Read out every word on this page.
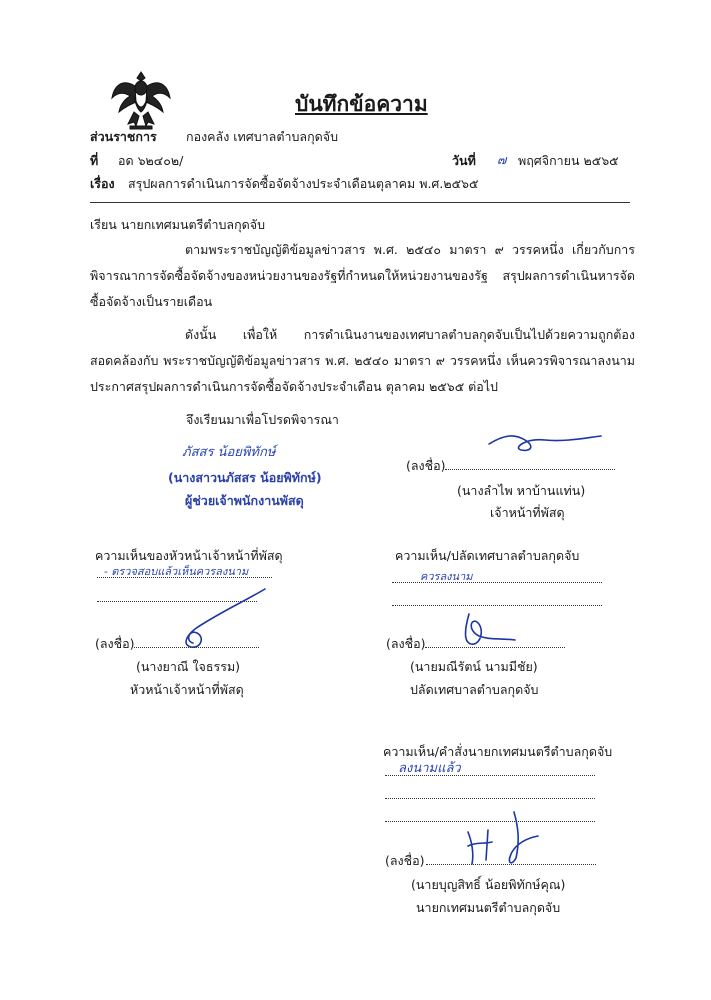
บันทึกข้อความ
ส่วนราชการ กองคลัง เทศบาลตำบลกุดจับ
ที่ อด ๖๒๔๐๒/	วันที่ ๗ พฤศจิกายน ๒๕๖๕
เรื่อง สรุปผลการดำเนินการจัดซื้อจัดจ้างประจำเดือนตุลาคม พ.ศ.๒๕๖๕
เรียน นายกเทศมนตรีตำบลกุดจับ
ตามพระราชบัญญัติข้อมูลข่าวสาร พ.ศ. ๒๕๔๐ มาตรา ๙ วรรคหนึ่ง เกี่ยวกับการพิจารณาการจัดซื้อจัดจ้างของหน่วยงานของรัฐที่กำหนดให้หน่วยงานของรัฐ สรุปผลการดำเนินหารจัดซื้อจัดจ้างเป็นรายเดือน
ดังนั้น เพื่อให้ การดำเนินงานของเทศบาลตำบลกุดจับเป็นไปด้วยความถูกต้อง สอดคล้องกับ พระราชบัญญัติข้อมูลข่าวสาร พ.ศ. ๒๕๔๐ มาตรา ๙ วรรคหนึ่ง เห็นควรพิจารณาลงนาม ประกาศสรุปผลการดำเนินการจัดซื้อจัดจ้างประจำเดือน ตุลาคม ๒๕๖๕ ต่อไป
จึงเรียนมาเพื่อโปรดพิจารณา
ภัสสร น้อยพิทักษ์
(นางสาวนภัสสร น้อยพิทักษ์)
ผู้ช่วยเจ้าพนักงานพัสดุ
(ลงชื่อ)
(นางลำไพ หาบ้านแท่น)
เจ้าหน้าที่พัสดุ
ความเห็นของหัวหน้าเจ้าหน้าที่พัสดุ
- ตรวจสอบแล้วเห็นควรลงนาม
(ลงชื่อ)
(นางยาณี ใจธรรม)
หัวหน้าเจ้าหน้าที่พัสดุ
ความเห็น/ปลัดเทศบาลตำบลกุดจับ
ควรลงนาม
(ลงชื่อ)
(นายมณีรัตน์ นามมีชัย)
ปลัดเทศบาลตำบลกุดจับ
ความเห็น/คำสั่งนายกเทศมนตรีตำบลกุดจับ
ลงนามแล้ว
(ลงชื่อ)
(นายบุญสิทธิ์ น้อยพิทักษ์คุณ)
นายกเทศมนตรีตำบลกุดจับ
